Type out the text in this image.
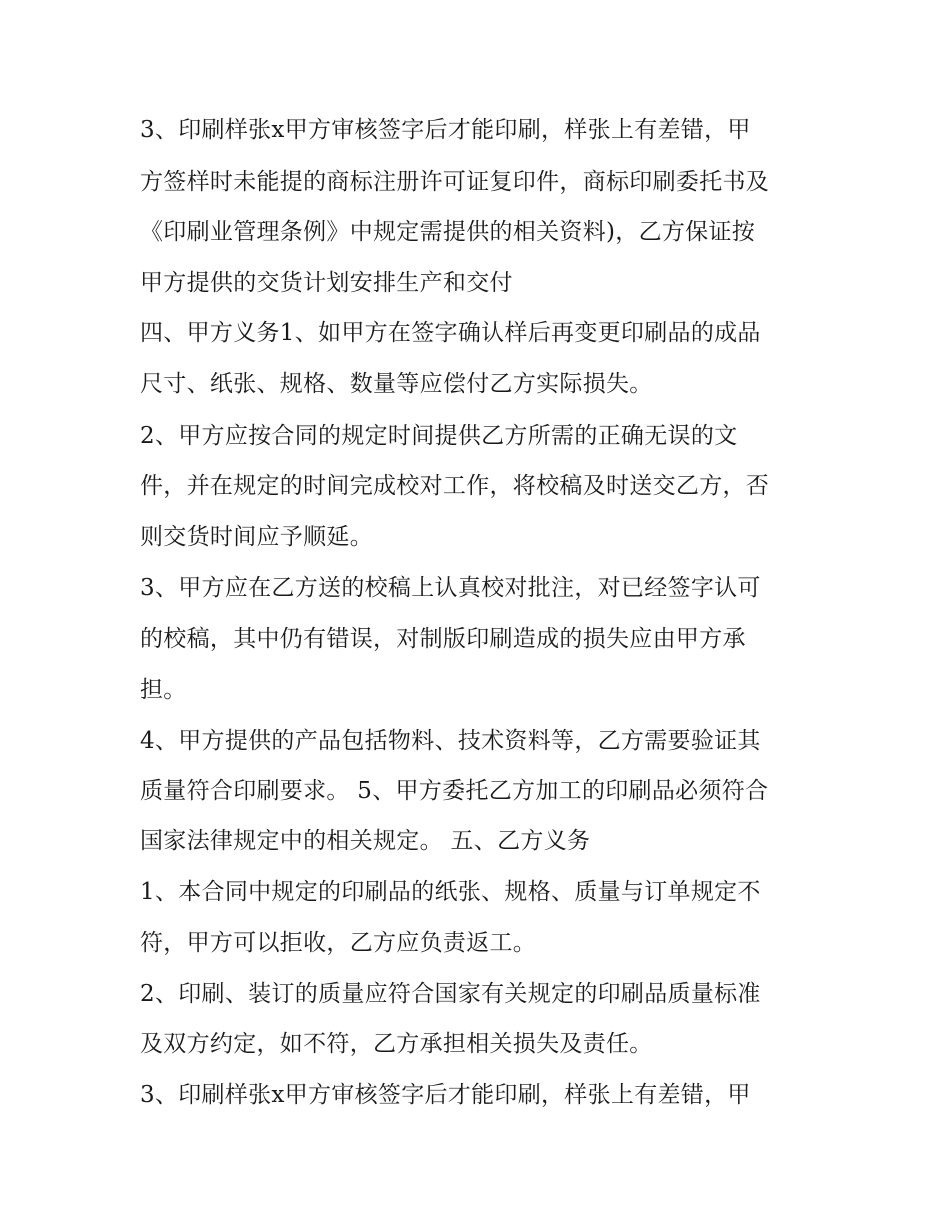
3、印刷样张x甲方审核签字后才能印刷，样张上有差错，甲
方签样时未能提的商标注册许可证复印件，商标印刷委托书及
《印刷业管理条例》中规定需提供的相关资料)，乙方保证按
甲方提供的交货计划安排生产和交付
四、甲方义务1、如甲方在签字确认样后再变更印刷品的成品
尺寸、纸张、规格、数量等应偿付乙方实际损失。
2、甲方应按合同的规定时间提供乙方所需的正确无误的文
件，并在规定的时间完成校对工作，将校稿及时送交乙方，否
则交货时间应予顺延。
3、甲方应在乙方送的校稿上认真校对批注，对已经签字认可
的校稿，其中仍有错误，对制版印刷造成的损失应由甲方承
担。
4、甲方提供的产品包括物料、技术资料等，乙方需要验证其
质量符合印刷要求。 5、甲方委托乙方加工的印刷品必须符合
国家法律规定中的相关规定。 五、乙方义务
1、本合同中规定的印刷品的纸张、规格、质量与订单规定不
符，甲方可以拒收，乙方应负责返工。
2、印刷、装订的质量应符合国家有关规定的印刷品质量标准
及双方约定，如不符，乙方承担相关损失及责任。
3、印刷样张x甲方审核签字后才能印刷，样张上有差错，甲
